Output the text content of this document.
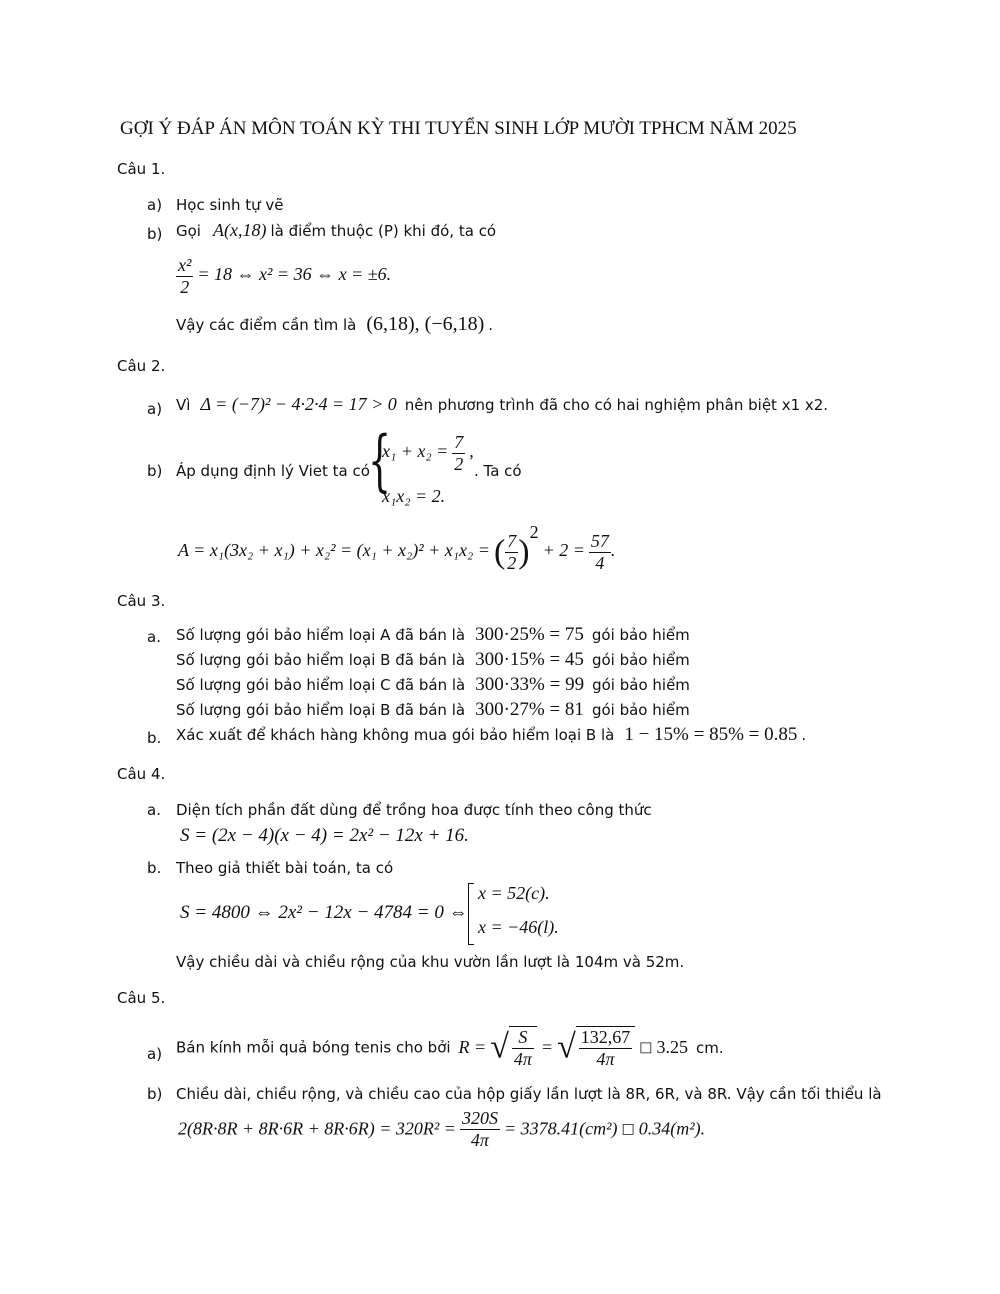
GỢI Ý ĐÁP ÁN MÔN TOÁN KỲ THI TUYỂN SINH LỚP MƯỜI TPHCM NĂM 2025
Câu 1.
a) Học sinh tự vẽ
b) Gọi A(x,18) là điểm thuộc (P) khi đó, ta có
$\frac{\text{x²}}{2} = 18$ ⇔ x² = 36 ⇔ x = ±6.
Vậy các điểm cần tìm là (6,18), (−6,18) .
Câu 2.
a) Vì Δ = (−7)² − 4·2·4 = 17 > 0 nên phương trình đã cho có hai nghiệm phân biệt x1 x2.
b) Áp dụng định lý Viet ta có
{
$x_1 + x_2 = \frac{7}{2}$ ,
. Ta có
x₁x₂ = 2.
A = x₁(3x₂ + x₁) + x₂² = (x₁ + x₂)² + x₁x₂ = ( $\frac{7}{2} )^2 + 2 = \frac{57}{4}$ .
Câu 3.
a. Số lượng gói bảo hiểm loại A đã bán là 300·25% = 75 gói bảo hiểm
Số lượng gói bảo hiểm loại B đã bán là 300·15% = 45 gói bảo hiểm
Số lượng gói bảo hiểm loại C đã bán là 300·33% = 99 gói bảo hiểm
Số lượng gói bảo hiểm loại B đã bán là 300·27% = 81 gói bảo hiểm
b. Xác xuất để khách hàng không mua gói bảo hiểm loại B là 1 − 15% = 85% = 0.85 .
Câu 4.
a. Diện tích phần đất dùng để trồng hoa được tính theo công thức
S = (2x − 4)(x − 4) = 2x² − 12x + 16.
b. Theo giả thiết bài toán, ta có
S = 4800 ⇔ 2x² − 12x − 4784 = 0 ⇔
x = 52(c).
x = −46(l).
Vậy chiều dài và chiều rộng của khu vườn lần lượt là 104m và 52m.
Câu 5.
a) Bán kính mỗi quả bóng tenis cho bởi R = √ $\frac{S}{4\pi}$ = √ $\frac{132,67}{4\pi}$ □ 3.25 cm.
b) Chiều dài, chiều rộng, và chiều cao của hộp giấy lần lượt là 8R, 6R, và 8R. Vậy cần tối thiểu là
$2(8R\cdot 8R + 8R\cdot 6R + 8R\cdot 6R) = 320R^2 = \frac{320S}{4\pi} = 3378.41(cm^2)$ □ 0.34(m²).
